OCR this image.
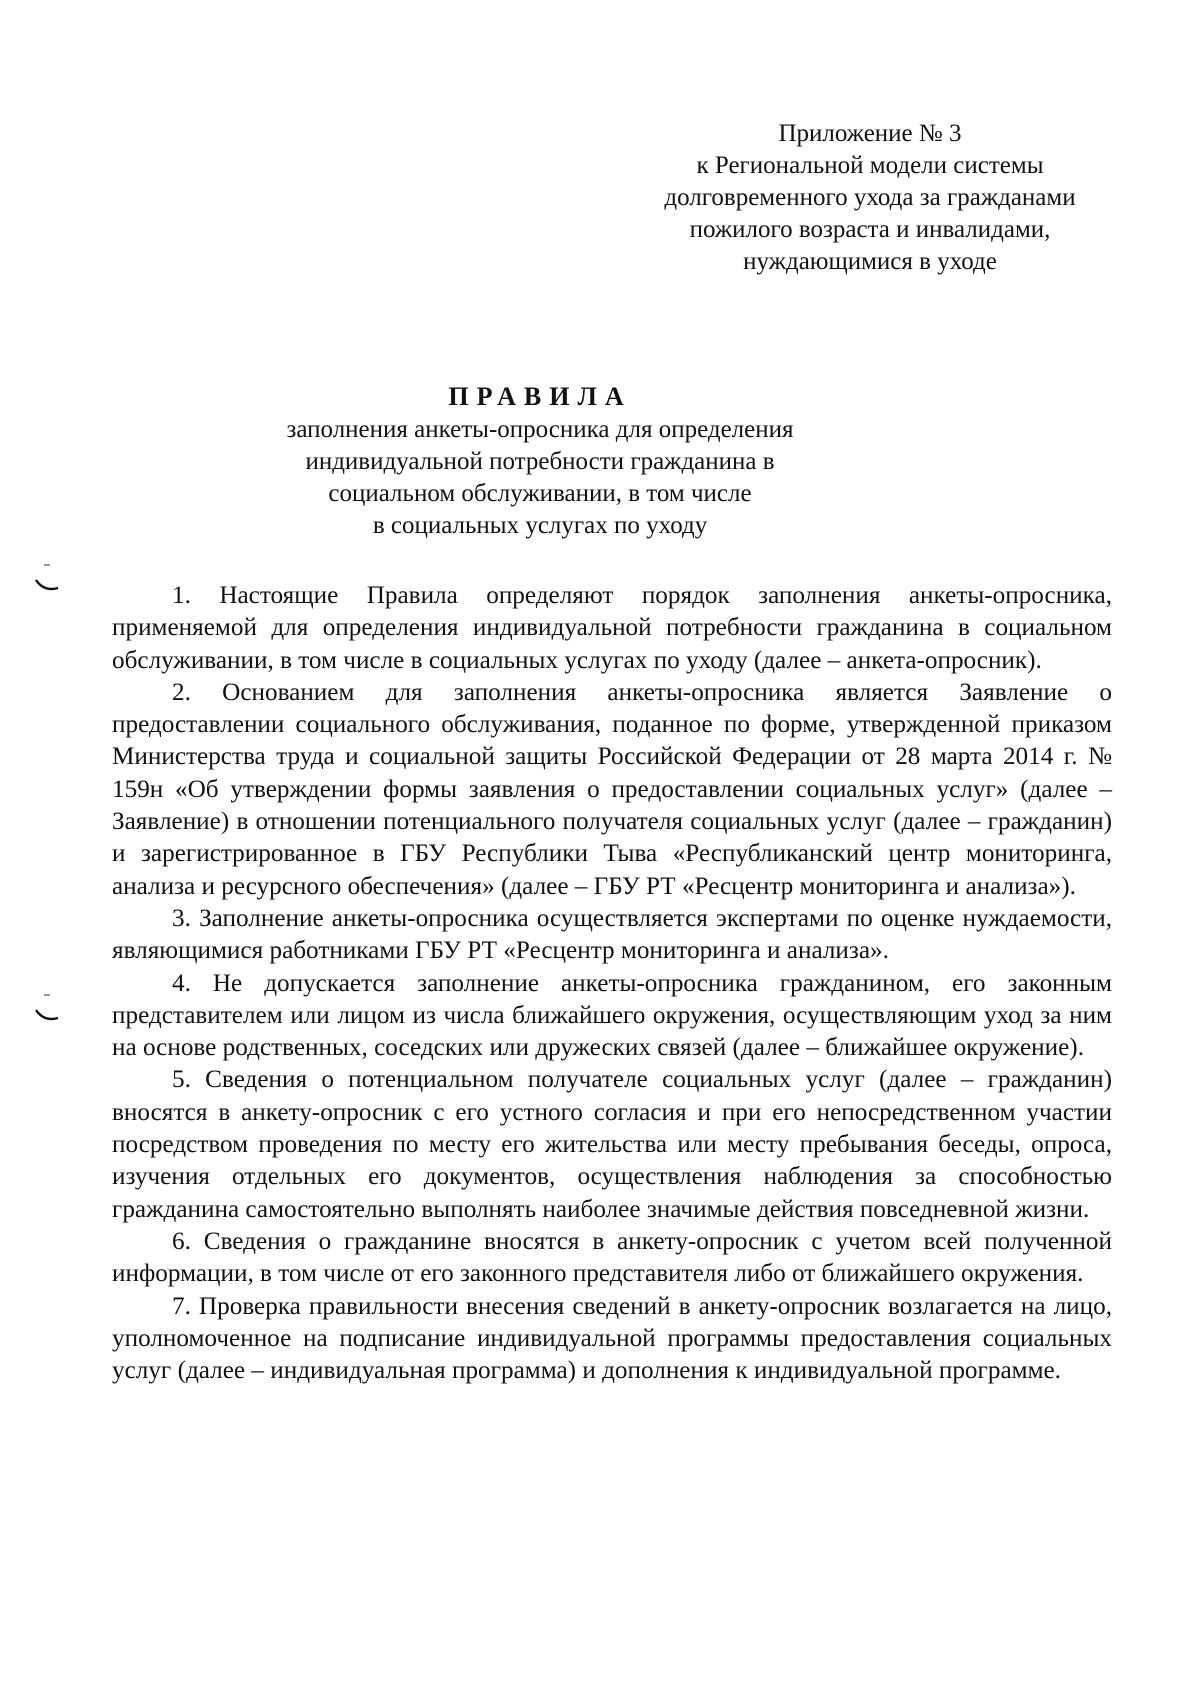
Приложение № 3
к Региональной модели системы
долговременного ухода за гражданами
пожилого возраста и инвалидами,
нуждающимися в уходе
ПРАВИЛА
заполнения анкеты-опросника для определения
индивидуальной потребности гражданина в
социальном обслуживании, в том числе
в социальных услугах по уходу

1. Настоящие Правила определяют порядок заполнения анкеты-опросника, применяемой для определения индивидуальной потребности гражданина в социальном обслуживании, в том числе в социальных услугах по уходу (далее – анкета-опросник).

2. Основанием для заполнения анкеты-опросника является Заявление о предоставлении социального обслуживания, поданное по форме, утвержденной приказом Министерства труда и социальной защиты Российской Федерации от 28 марта 2014 г. № 159н «Об утверждении формы заявления о предоставлении социальных услуг» (далее – Заявление) в отношении потенциального получателя социальных услуг (далее – гражданин) и зарегистрированное в ГБУ Республики Тыва «Республиканский центр мониторинга, анализа и ресурсного обеспечения» (далее – ГБУ РТ «Ресцентр мониторинга и анализа»).

3. Заполнение анкеты-опросника осуществляется экспертами по оценке нуждаемости, являющимися работниками ГБУ РТ «Ресцентр мониторинга и анализа».

4. Не допускается заполнение анкеты-опросника гражданином, его законным представителем или лицом из числа ближайшего окружения, осуществляющим уход за ним на основе родственных, соседских или дружеских связей (далее – ближайшее окружение).

5. Сведения о потенциальном получателе социальных услуг (далее – гражданин) вносятся в анкету-опросник с его устного согласия и при его непосредственном участии посредством проведения по месту его жительства или месту пребывания беседы, опроса, изучения отдельных его документов, осуществления наблюдения за способностью гражданина самостоятельно выполнять наиболее значимые действия повседневной жизни.

6. Сведения о гражданине вносятся в анкету-опросник с учетом всей полученной информации, в том числе от его законного представителя либо от ближайшего окружения.

7. Проверка правильности внесения сведений в анкету-опросник возлагается на лицо, уполномоченное на подписание индивидуальной программы предоставления социальных услуг (далее – индивидуальная программа) и дополнения к индивидуальной программе.
